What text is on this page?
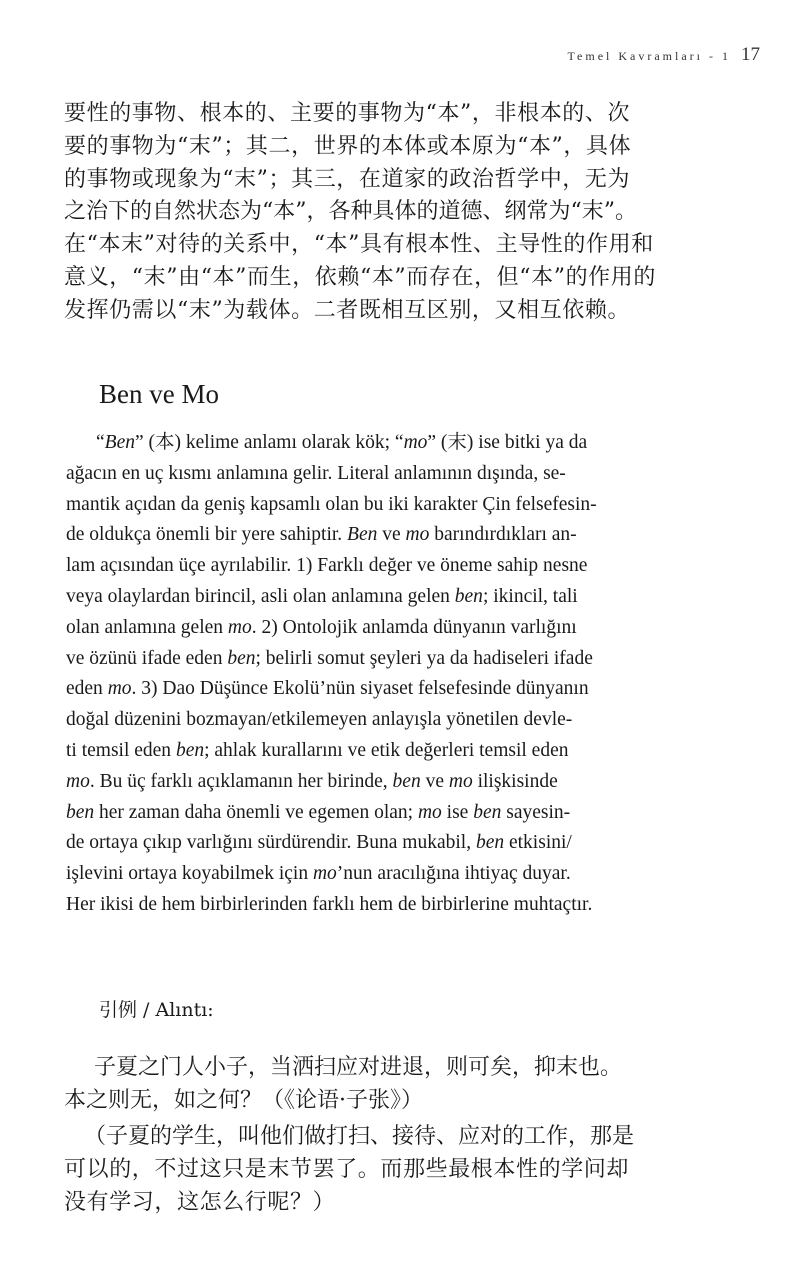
Temel Kavramları - 1 17
要性的事物、根本的、主要的事物为“本”，非根本的、次
要的事物为“末”；其二，世界的本体或本原为“本”，具体
的事物或现象为“末”；其三，在道家的政治哲学中，无为
之治下的自然状态为“本”，各种具体的道德、纲常为“末”。
在“本末”对待的关系中，“本”具有根本性、主导性的作用和
意义，“末”由“本”而生，依赖“本”而存在，但“本”的作用的
发挥仍需以“末”为载体。二者既相互区别，又相互依赖。
Ben ve Mo
“Ben” (本) kelime anlamı olarak kök; “mo” (末) ise bitki ya da
ağacın en uç kısmı anlamına gelir. Literal anlamının dışında, se-
mantik açıdan da geniş kapsamlı olan bu iki karakter Çin felsefesin-
de oldukça önemli bir yere sahiptir. Ben ve mo barındırdıkları an-
lam açısından üçe ayrılabilir. 1) Farklı değer ve öneme sahip nesne
veya olaylardan birincil, asli olan anlamına gelen ben; ikincil, tali
olan anlamına gelen mo. 2) Ontolojik anlamda dünyanın varlığını
ve özünü ifade eden ben; belirli somut şeyleri ya da hadiseleri ifade
eden mo. 3) Dao Düşünce Ekolü’nün siyaset felsefesinde dünyanın
doğal düzenini bozmayan/etkilemeyen anlayışla yönetilen devle-
ti temsil eden ben; ahlak kurallarını ve etik değerleri temsil eden
mo. Bu üç farklı açıklamanın her birinde, ben ve mo ilişkisinde
ben her zaman daha önemli ve egemen olan; mo ise ben sayesin-
de ortaya çıkıp varlığını sürdürendir. Buna mukabil, ben etkisini/
işlevini ortaya koyabilmek için mo’nun aracılığına ihtiyaç duyar.
Her ikisi de hem birbirlerinden farklı hem de birbirlerine muhtaçtır.
引例 / Alıntı:
子夏之门人小子，当洒扫应对进退，则可矣，抑末也。
本之则无，如之何？（《论语·子张》）
（子夏的学生，叫他们做打扫、接待、应对的工作，那是
可以的，不过这只是末节罢了。而那些最根本性的学问却
没有学习，这怎么行呢？）
